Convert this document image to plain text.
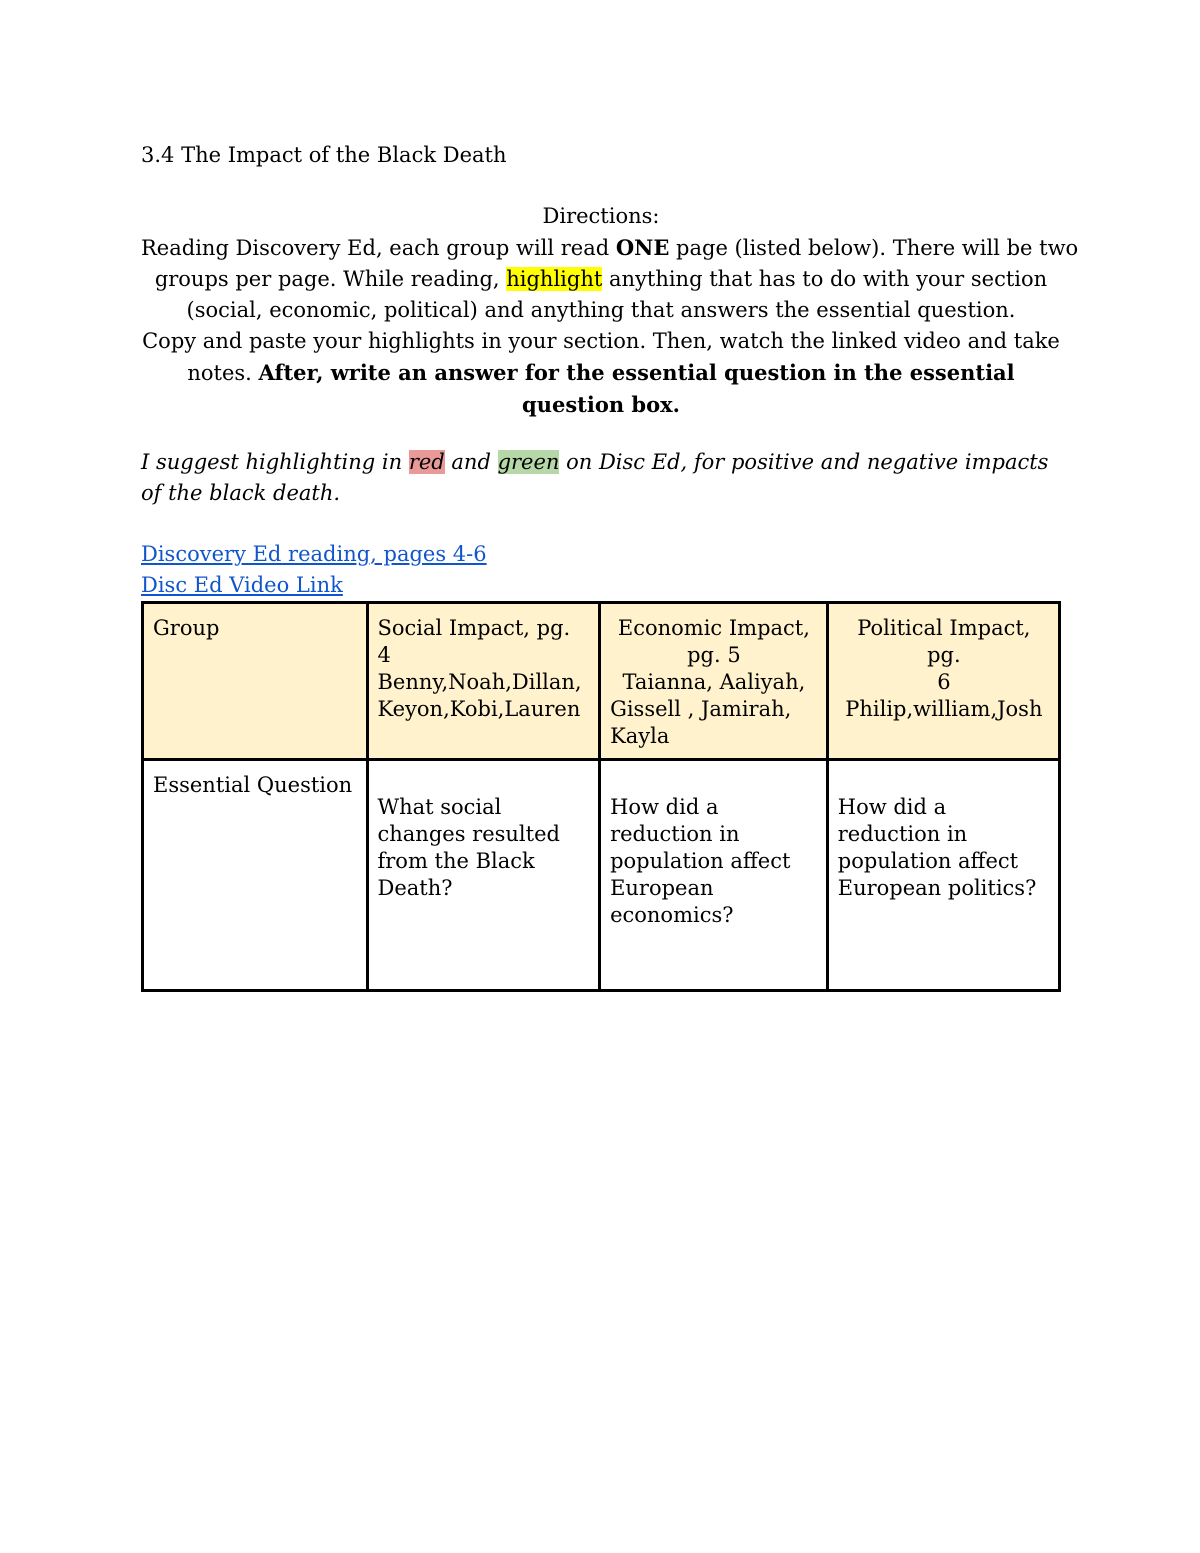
3.4 The Impact of the Black Death
Directions:
Reading Discovery Ed, each group will read ONE page (listed below). There will be two
groups per page. While reading, highlight anything that has to do with your section
(social, economic, political) and anything that answers the essential question.
Copy and paste your highlights in your section. Then, watch the linked video and take
notes. After, write an answer for the essential question in the essential
question box.
I suggest highlighting in red and green on Disc Ed, for positive and negative impacts
of the black death.
Discovery Ed reading, pages 4-6
Disc Ed Video Link
Group	Social Impact, pg. 4
Benny,Noah,Dillan,
Keyon,Kobi,Lauren	Economic Impact,
pg. 5
Taianna, Aaliyah,
Gissell , Jamirah,
Kayla	Political Impact, pg.
6
Philip,william,Josh

Essential Question	What social changes resulted from the Black Death?	How did a reduction in population affect European economics?	How did a reduction in population affect European politics?
